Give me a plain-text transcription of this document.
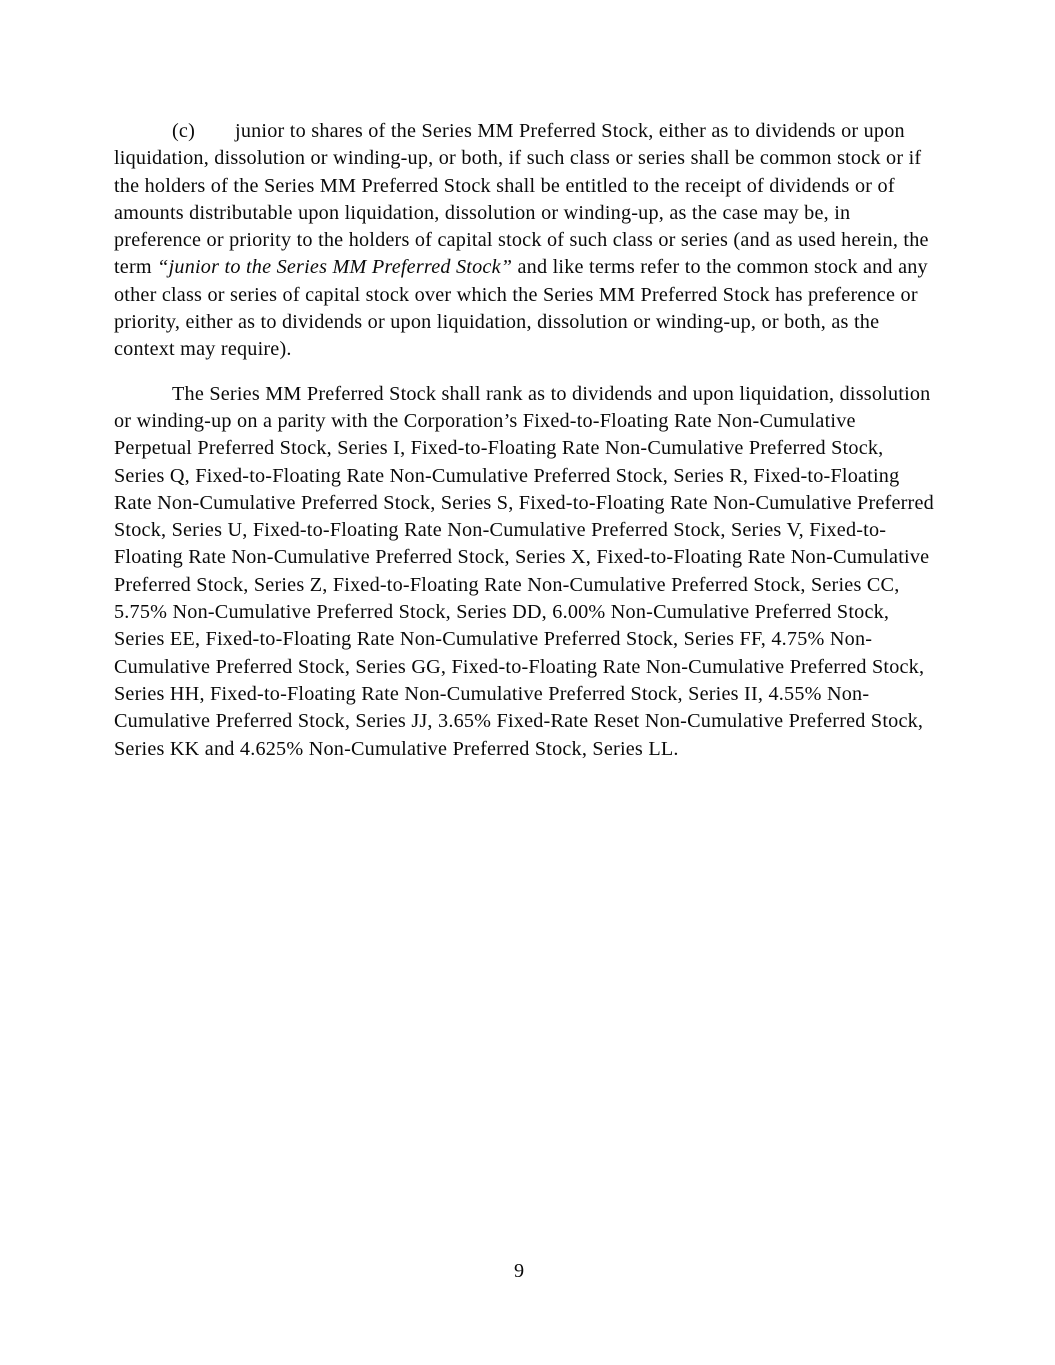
(c) junior to shares of the Series MM Preferred Stock, either as to dividends or upon liquidation, dissolution or winding-up, or both, if such class or series shall be common stock or if the holders of the Series MM Preferred Stock shall be entitled to the receipt of dividends or of amounts distributable upon liquidation, dissolution or winding-up, as the case may be, in preference or priority to the holders of capital stock of such class or series (and as used herein, the term “junior to the Series MM Preferred Stock” and like terms refer to the common stock and any other class or series of capital stock over which the Series MM Preferred Stock has preference or priority, either as to dividends or upon liquidation, dissolution or winding-up, or both, as the context may require).

The Series MM Preferred Stock shall rank as to dividends and upon liquidation, dissolution or winding-up on a parity with the Corporation’s Fixed-to-Floating Rate Non-Cumulative Perpetual Preferred Stock, Series I, Fixed-to-Floating Rate Non-Cumulative Preferred Stock, Series Q, Fixed-to-Floating Rate Non-Cumulative Preferred Stock, Series R, Fixed-to-Floating Rate Non-Cumulative Preferred Stock, Series S, Fixed-to-Floating Rate Non-Cumulative Preferred Stock, Series U, Fixed-to-Floating Rate Non-Cumulative Preferred Stock, Series V, Fixed-to-Floating Rate Non-Cumulative Preferred Stock, Series X, Fixed-to-Floating Rate Non-Cumulative Preferred Stock, Series Z, Fixed-to-Floating Rate Non-Cumulative Preferred Stock, Series CC, 5.75% Non-Cumulative Preferred Stock, Series DD, 6.00% Non-Cumulative Preferred Stock, Series EE, Fixed-to-Floating Rate Non-Cumulative Preferred Stock, Series FF, 4.75% Non-Cumulative Preferred Stock, Series GG, Fixed-to-Floating Rate Non-Cumulative Preferred Stock, Series HH, Fixed-to-Floating Rate Non-Cumulative Preferred Stock, Series II, 4.55% Non-Cumulative Preferred Stock, Series JJ, 3.65% Fixed-Rate Reset Non-Cumulative Preferred Stock, Series KK and 4.625% Non-Cumulative Preferred Stock, Series LL.

9
